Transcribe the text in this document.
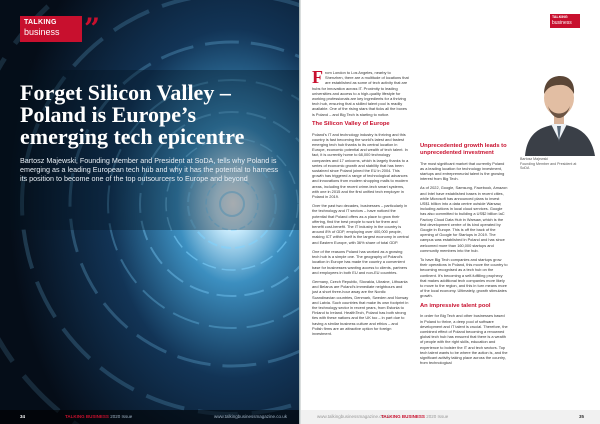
TALKING
business ”
Forget Silicon Valley – Poland is Europe’s emerging tech epicentre
Bartosz Majewski, Founding Member and President at SoDA, tells why Poland is emerging as a leading European tech hub and why it has the potential to harness its position to become one of the top outsourcers to Europe and beyond
34	TALKING BUSINESS 2020 Issue	www.talkingbusinessmagazine.co.uk
TALKING
business

From London to Los Angeles, nearby to Shenzhen, there are a multitude of locations that are established as some of tech activity that are hubs for innovation across IT. Proximity to leading universities and access to a high-quality lifestyle for working professionals are key ingredients for a thriving tech hub, ensuring that a skilled talent pool is readily available. One of the rising stars that ticks all the boxes is Poland – and Big Tech is starting to notice.

The Silicon Valley of Europe

Poland’s IT and technology industry is thriving and this country is fast becoming the world’s latest and fastest emerging tech hub thanks to its central location in Europe, economic potential and wealth of tech talent. In fact, it is currently home to 68,000 technology companies and 17 unicorns, which is largely thanks to a series of economic growth and stability that has been sustained since Poland joined the EU in 2004. This growth has triggered a range of technological advances and innovations from modern shopping malls to modern areas, including the recent crime-tech smart systems, with one in 2015 and the first unified tech employer in Poland in 2019.

Over the past two decades, businesses – particularly in the technology and IT sectors – have noticed the potential that Poland offers as a place to grow their offering, find the best people to work for them and benefit cost-benefit. The IT industry in the country is around 8% of GDP, employing over 400,000 people, making ICT within itself is the largest economy in central and Eastern Europe, with 36% share of total GDP.

One of the reasons Poland has worked as a growing tech hub is a simple one. The geography of Poland’s location in Europe has made the country a convenient base for businesses wanting access to clients, partners and employees in both EU and non-EU countries.

Germany, Czech Republic, Slovakia, Ukraine, Lithuania and Belarus are Poland’s immediate neighbours and just a short three-hour away are the Nordic Scandinavian countries, Denmark, Sweden and Norway and Latvia. Such countries that make its own footprint in the technology sector in recent years, from Estonia to Finland to Ireland. HealthTech, Poland has both strong ties with these nations and the UK too – in part due to having a similar business culture and ethics – and Polish firms are an attractive option for foreign investment.

Unprecedented growth leads to unprecedented investment

The most significant market that currently Poland as a leading location for technology investment, startups and entrepreneurial talent is the growing interest from Big Tech.

As of 2022, Google, Samsung, Facebook, Amazon and Intel have established bases in recent cities, while Microsoft has announced plans to invest US$1 billion into a data centre outside Warsaw, including actions in local cloud services. Google has also committed to building a US$2 billion IaC Factory Cloud Data Hub in Warsaw, which is the first development centre of its kind operated by Google in Europe. This is off the back of the opening of Google for Startups in 2019. The campus was established in Poland and has since welcomed more than 160,000 startups and community members into the hub.

To have Big Tech companies and startups grow their operations in Poland, this move the country to becoming recognised as a tech hub on the continent. It’s becoming a self-fulfilling prophecy that makes additional tech companies more likely to move to the region, and this in turn means more of the local economy. Ultimately, growth stimulates growth.

An impressive talent pool

In order for Big Tech and other businesses based in Poland to thrive, a deep pool of software development and IT talent is crucial. Therefore, the combined effect of Poland becoming a renowned global tech hub has ensured that there is a wealth of people with the right skills, education and experience to bolster the IT and tech sectors. Top tech talent wants to be where the action is, and the significant activity taking place across the country, from technological

Bartosz Majewski
Founding Member and President at SoDA
www.talkingbusinessmagazine.co.uk
TALKING BUSINESS 2020 Issue	35
